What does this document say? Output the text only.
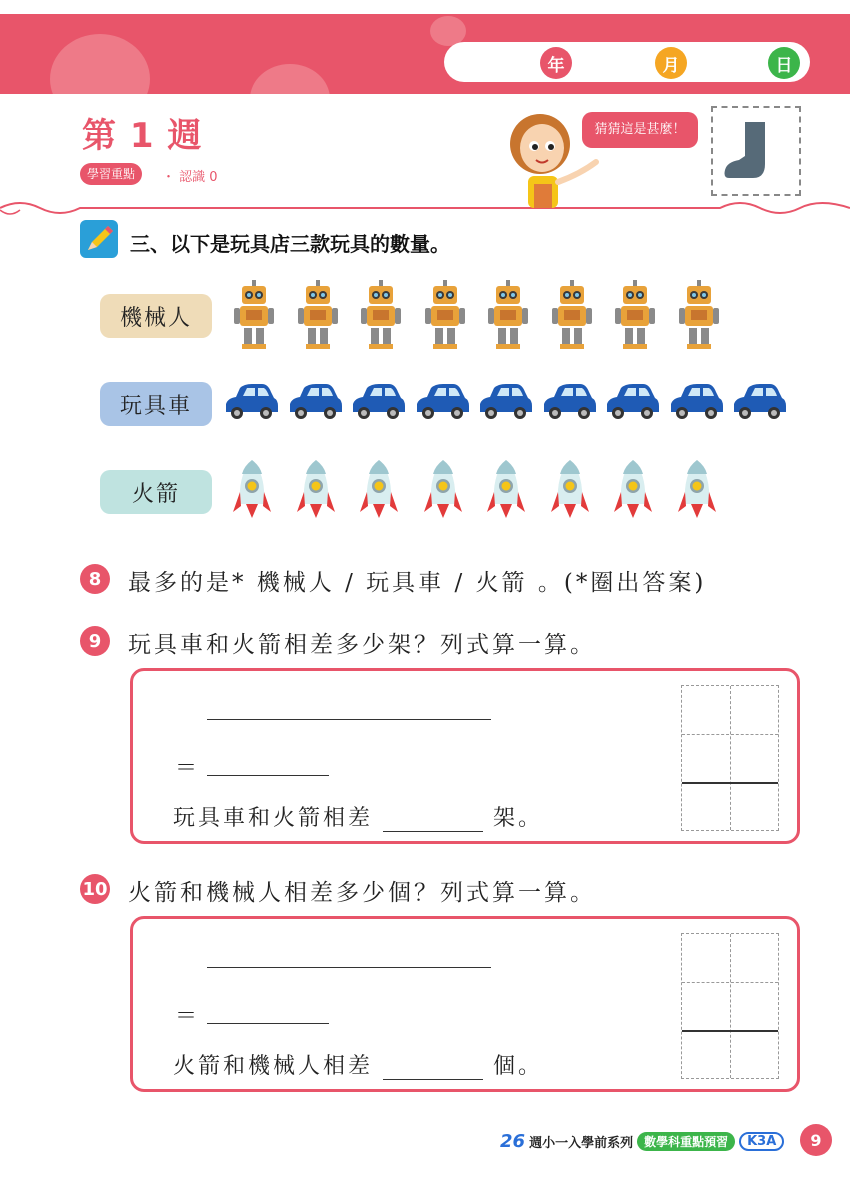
年	月	日
第 1 週
學習重點	・ 認識 0
猜猜這是甚麼！
三、以下是玩具店三款玩具的數量。
機械人
玩具車
火箭
8	最多的是* 機械人 / 玩具車 / 火箭 。(*圈出答案)
9	玩具車和火箭相差多少架？列式算一算。
＝
玩具車和火箭相差	架。
10 火箭和機械人相差多少個？列式算一算。
＝
火箭和機械人相差	個。
26 週小一入學前系列 數學科重點預習	K3A	9
